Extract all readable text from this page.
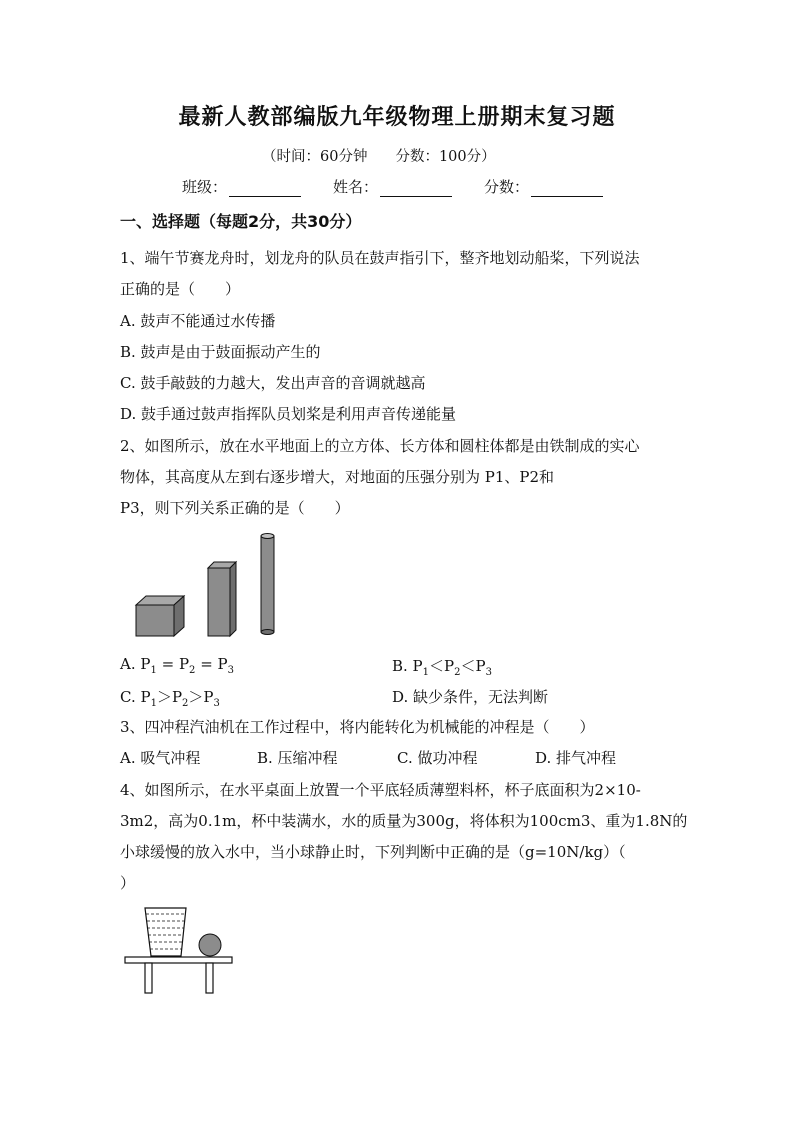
最新人教部编版九年级物理上册期末复习题
（时间：60分钟 分数：100分）
班级：	姓名：	分数：
一、选择题（每题2分，共30分）
1、端午节赛龙舟时，划龙舟的队员在鼓声指引下，整齐地划动船桨，下列说法
正确的是（　　）
A. 鼓声不能通过水传播
B. 鼓声是由于鼓面振动产生的
C. 鼓手敲鼓的力越大，发出声音的音调就越高
D. 鼓手通过鼓声指挥队员划桨是利用声音传递能量
2、如图所示，放在水平地面上的立方体、长方体和圆柱体都是由铁制成的实心
物体，其高度从左到右逐步增大，对地面的压强分别为 P1、P2和
P3，则下列关系正确的是（　　）
A. $P_1 = P_2 = P_3$	B. $P_1<P_2<P_3$
C. $P_1>P_2>P_3$	D. 缺少条件，无法判断
3、四冲程汽油机在工作过程中，将内能转化为机械能的冲程是（　　）
A. 吸气冲程	B. 压缩冲程	C. 做功冲程	D. 排气冲程
4、如图所示，在水平桌面上放置一个平底轻质薄塑料杯，杯子底面积为2×10-
3m2，高为0.1m，杯中装满水，水的质量为300g，将体积为100cm3、重为1.8N的
小球缓慢的放入水中，当小球静止时，下列判断中正确的是（g=10N/kg）（
）
